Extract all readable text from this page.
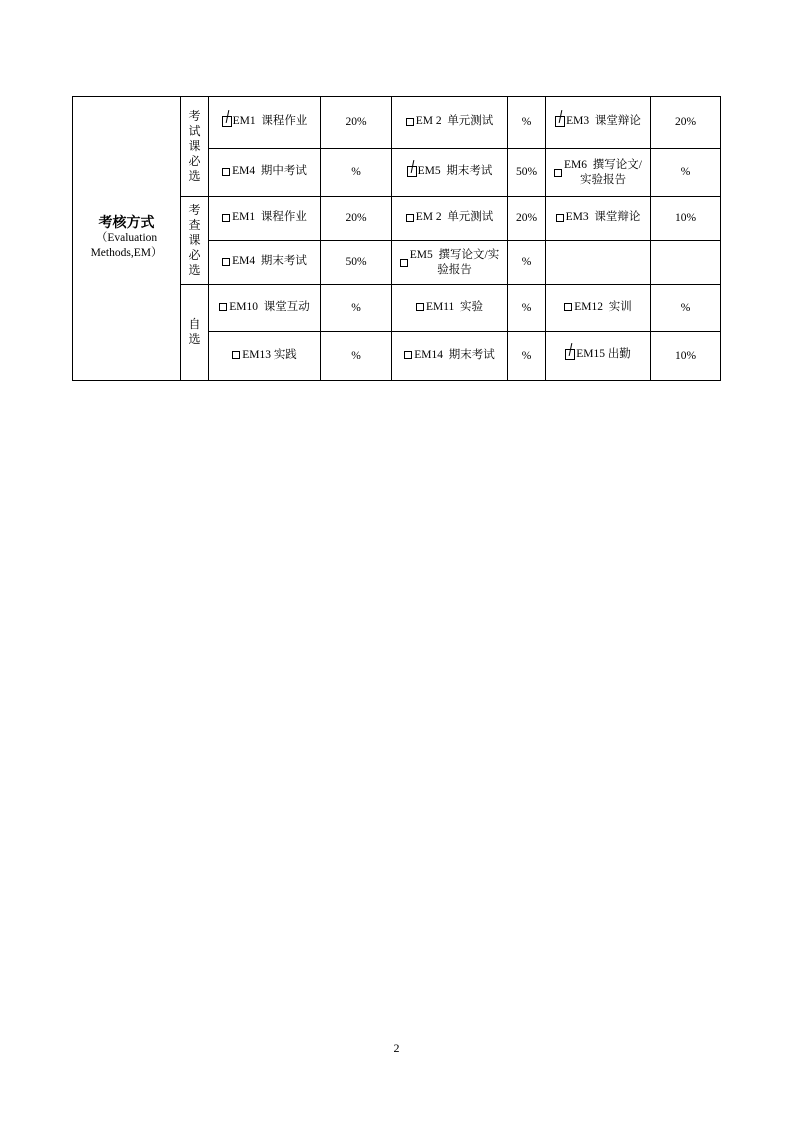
考核方式
（Evaluation
Methods,EM）	考试课必选	EM1  课程作业	20%	EM 2  单元测试	%	EM3  课堂辩论	20%

		EM4  期中考试	%	EM5  期末考试	50%	EM6  撰写论文/
实验报告	%
	考查课必选	EM1  课程作业	20%	EM 2  单元测试	20%	EM3  课堂辩论	10%

		EM4  期末考试	50%	EM5  撰写论文/实
验报告	%		
	自选	EM10  课堂互动	%	EM11  实验	%	EM12  实训	%

		EM13 实践	%	EM14  期末考试	%	EM15 出勤	10%
2
